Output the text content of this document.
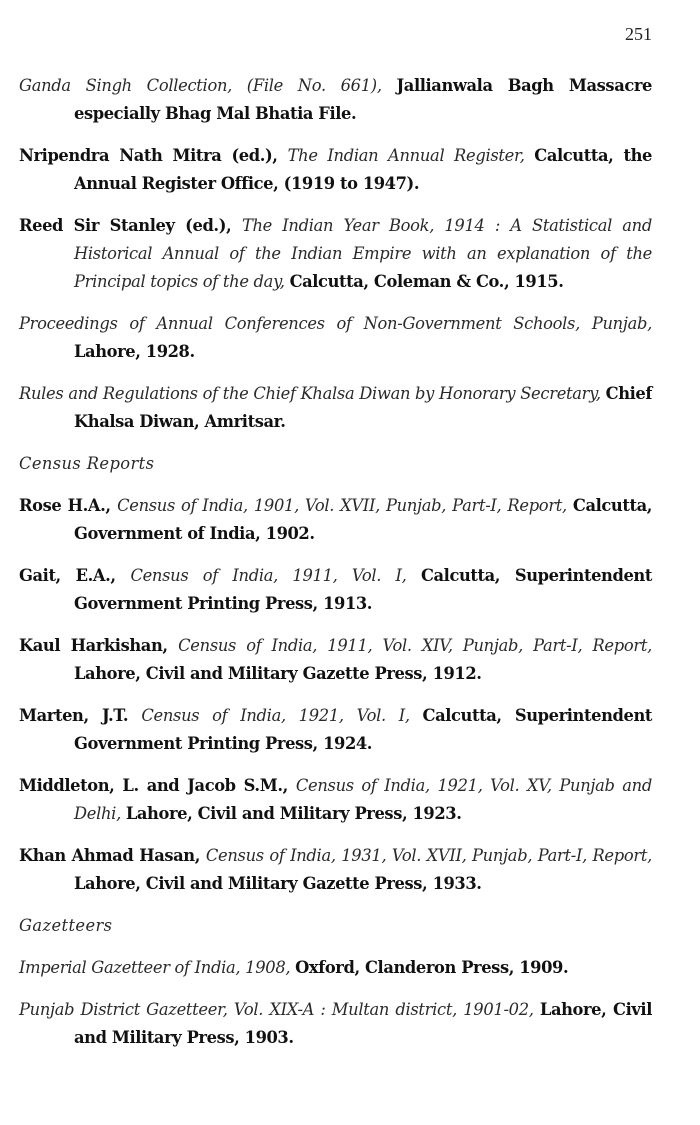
251

Ganda Singh Collection, (File No. 661), Jallianwala Bagh Massacre especially Bhag Mal Bhatia File.

Nripendra Nath Mitra (ed.), The Indian Annual Register, Calcutta, the Annual Register Office, (1919 to 1947).

Reed Sir Stanley (ed.), The Indian Year Book, 1914 : A Statistical and Historical Annual of the Indian Empire with an explanation of the Principal topics of the day, Calcutta, Coleman & Co., 1915.

Proceedings of Annual Conferences of Non-Government Schools, Punjab, Lahore, 1928.

Rules and Regulations of the Chief Khalsa Diwan by Honorary Secretary, Chief Khalsa Diwan, Amritsar.

Census Reports

Rose H.A., Census of India, 1901, Vol. XVII, Punjab, Part-I, Report, Calcutta, Government of India, 1902.

Gait, E.A., Census of India, 1911, Vol. I, Calcutta, Superintendent Government Printing Press, 1913.

Kaul Harkishan, Census of India, 1911, Vol. XIV, Punjab, Part-I, Report, Lahore, Civil and Military Gazette Press, 1912.

Marten, J.T. Census of India, 1921, Vol. I, Calcutta, Superintendent Government Printing Press, 1924.

Middleton, L. and Jacob S.M., Census of India, 1921, Vol. XV, Punjab and Delhi, Lahore, Civil and Military Press, 1923.

Khan Ahmad Hasan, Census of India, 1931, Vol. XVII, Punjab, Part-I, Report, Lahore, Civil and Military Gazette Press, 1933.

Gazetteers

Imperial Gazetteer of India, 1908, Oxford, Clanderon Press, 1909.

Punjab District Gazetteer, Vol. XIX-A : Multan district, 1901-02, Lahore, Civil and Military Press, 1903.
